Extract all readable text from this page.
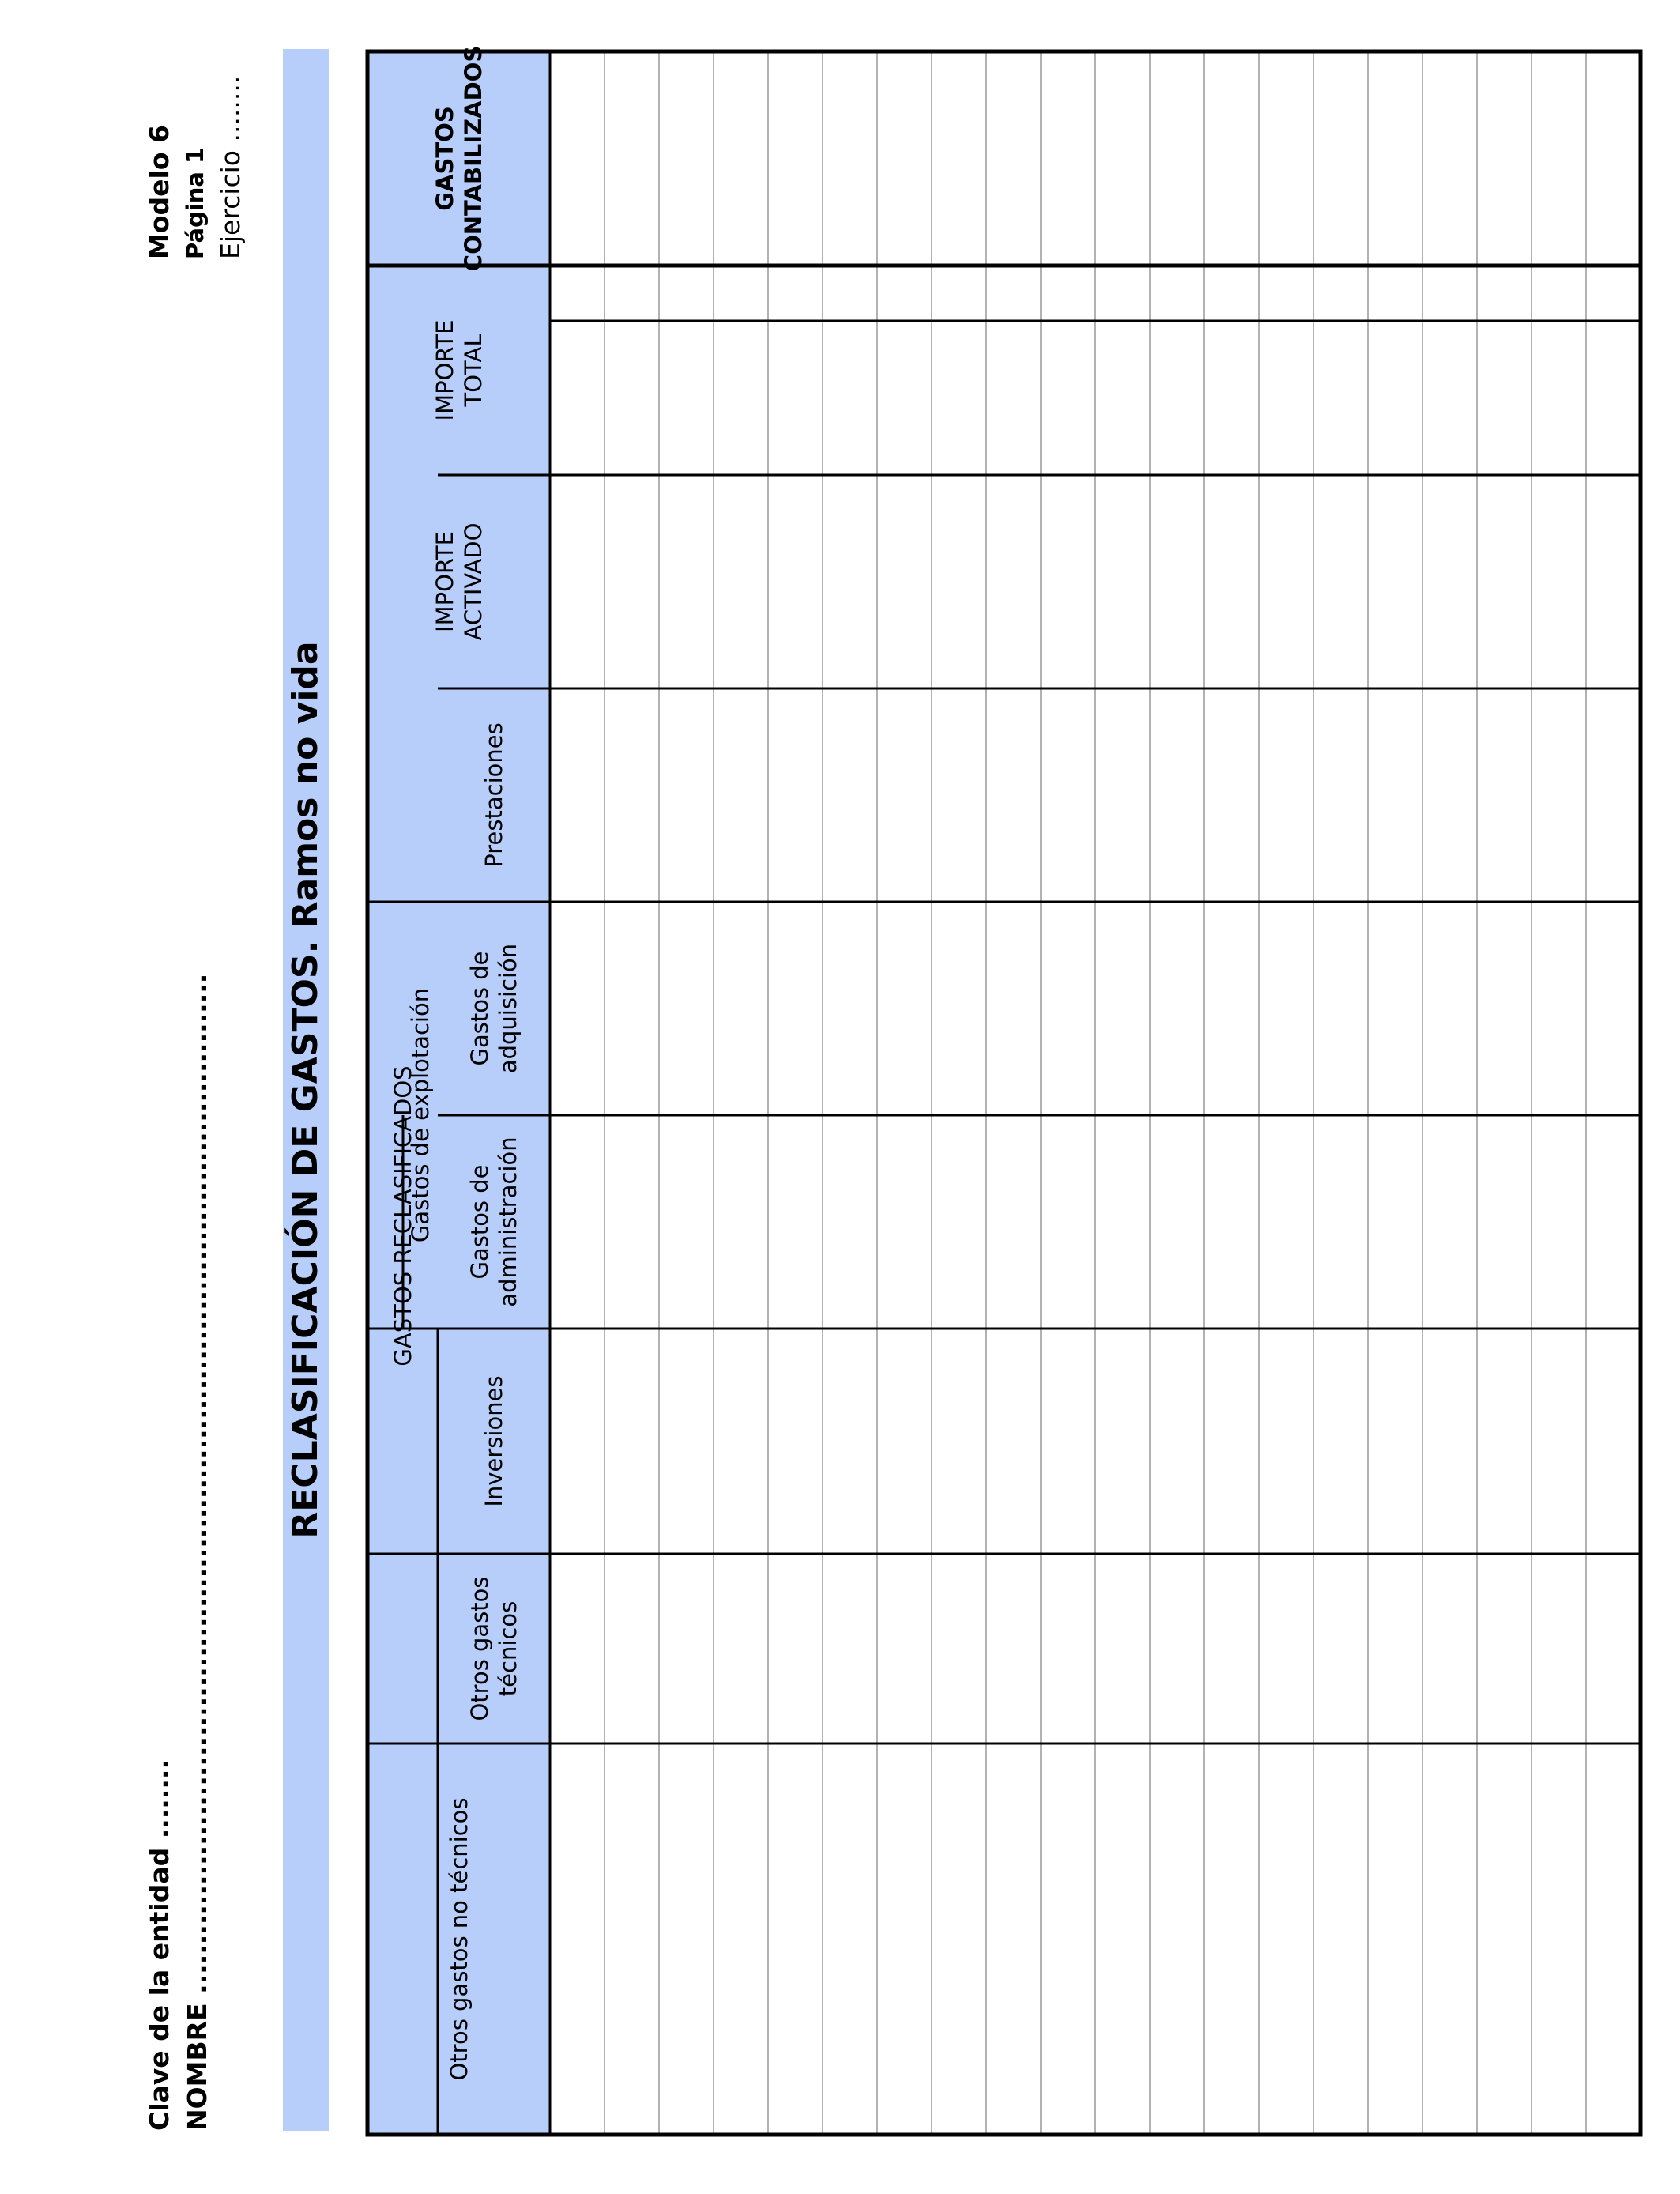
Clave de la entidad ........ NOMBRE .......................................................................................................
Modelo 6 Página 1 Ejercicio ........
RECLASIFICACIÓN DE GASTOS. Ramos no vida
Otros gastos no técnicos
Otros gastos técnicos
Inversiones
Gastos de explotación	Gastos de administración
Gastos de adquisición
Prestaciones
GASTOS RECLASIFICADOS
IMPORTE ACTIVADO
IMPORTE TOTAL
GASTOS CONTABILIZADOS
